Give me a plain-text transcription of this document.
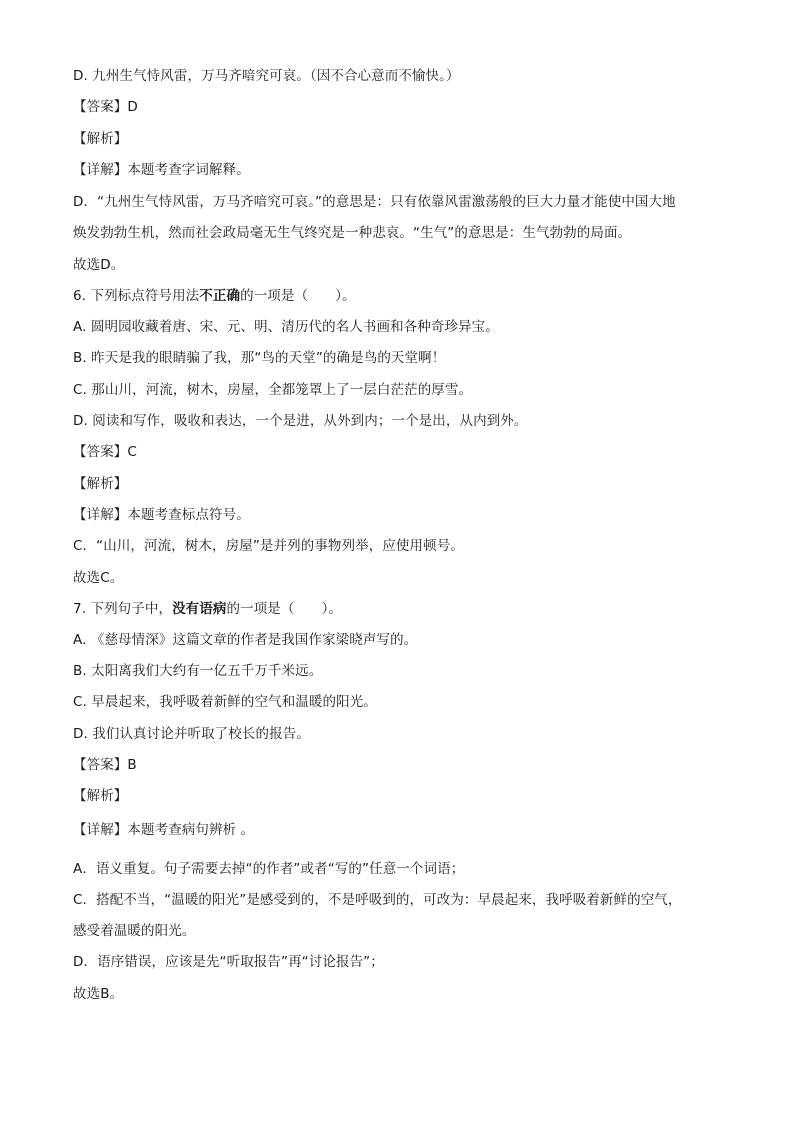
D. 九州生气恃风雷，万马齐喑究可哀。（因不合心意而不愉快。）
【答案】D
【解析】
【详解】本题考查字词解释。
D．“九州生气恃风雷，万马齐喑究可哀。”的意思是：只有依靠风雷激荡般的巨大力量才能使中国大地
焕发勃勃生机，然而社会政局毫无生气终究是一种悲哀。“生气”的意思是：生气勃勃的局面。
故选D。
6. 下列标点符号用法不正确的一项是（　　）。
A. 圆明园收藏着唐、宋、元、明、清历代的名人书画和各种奇珍异宝。
B. 昨天是我的眼睛骗了我，那“鸟的天堂”的确是鸟的天堂啊！
C. 那山川，河流，树木，房屋，全都笼罩上了一层白茫茫的厚雪。
D. 阅读和写作，吸收和表达，一个是进，从外到内；一个是出，从内到外。
【答案】C
【解析】
【详解】本题考查标点符号。
C．“山川，河流，树木，房屋”是并列的事物列举，应使用顿号。
故选C。
7. 下列句子中，没有语病的一项是（　　）。
A. 《慈母情深》这篇文章的作者是我国作家梁晓声写的。
B. 太阳离我们大约有一亿五千万千米远。
C. 早晨起来，我呼吸着新鲜的空气和温暖的阳光。
D. 我们认真讨论并听取了校长的报告。
【答案】B
【解析】
【详解】本题考查病句辨析 。
A．语义重复。句子需要去掉“的作者”或者“写的”任意一个词语；
C．搭配不当，“温暖的阳光”是感受到的，不是呼吸到的，可改为：早晨起来，我呼吸着新鲜的空气，
感受着温暖的阳光。
D．语序错误，应该是先“听取报告”再“讨论报告”；
故选B。
